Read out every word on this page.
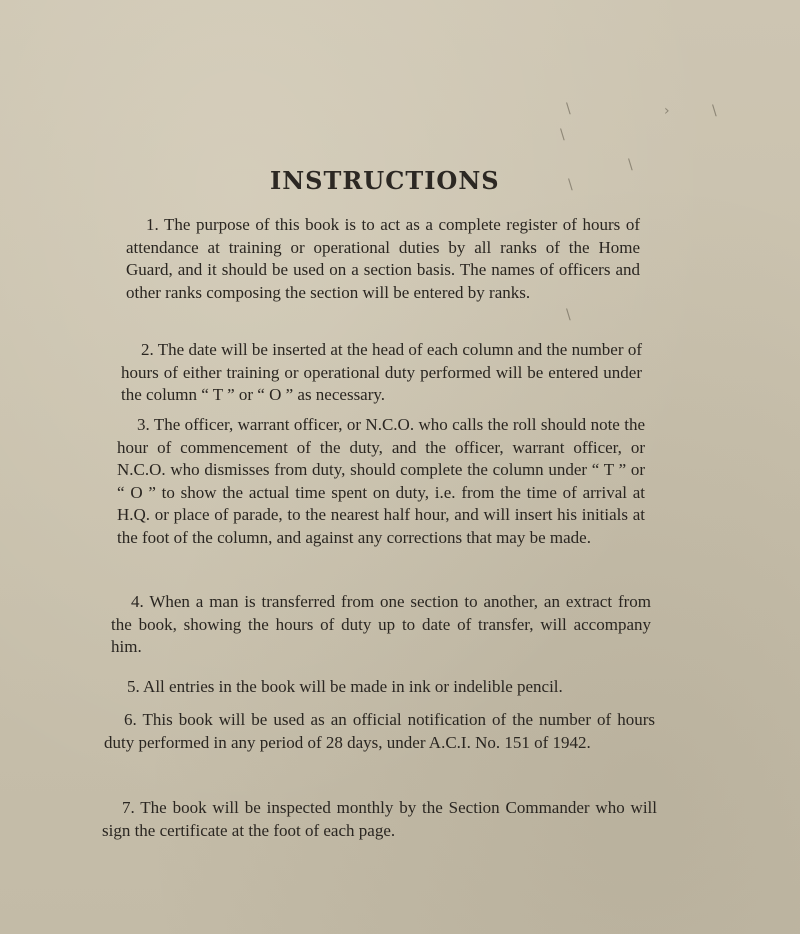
\
\
\
›	\
\
\
INSTRUCTIONS

1. The purpose of this book is to act as a complete register of hours of attendance at training or operational duties by all ranks of the Home Guard, and it should be used on a section basis. The names of officers and other ranks composing the section will be entered by ranks.

2. The date will be inserted at the head of each column and the number of hours of either training or operational duty performed will be entered under the column “ T ” or “ O ” as necessary.

3. The officer, warrant officer, or N.C.O. who calls the roll should note the hour of commencement of the duty, and the officer, warrant officer, or N.C.O. who dismisses from duty, should complete the column under “ T ” or “ O ” to show the actual time spent on duty, i.e. from the time of arrival at H.Q. or place of parade, to the nearest half hour, and will insert his initials at the foot of the column, and against any corrections that may be made.

4. When a man is transferred from one section to another, an extract from the book, showing the hours of duty up to date of transfer, will accompany him.

5. All entries in the book will be made in ink or indelible pencil.

6. This book will be used as an official notification of the number of hours duty performed in any period of 28 days, under A.C.I. No. 151 of 1942.

7. The book will be inspected monthly by the Section Commander who will sign the certificate at the foot of each page.
